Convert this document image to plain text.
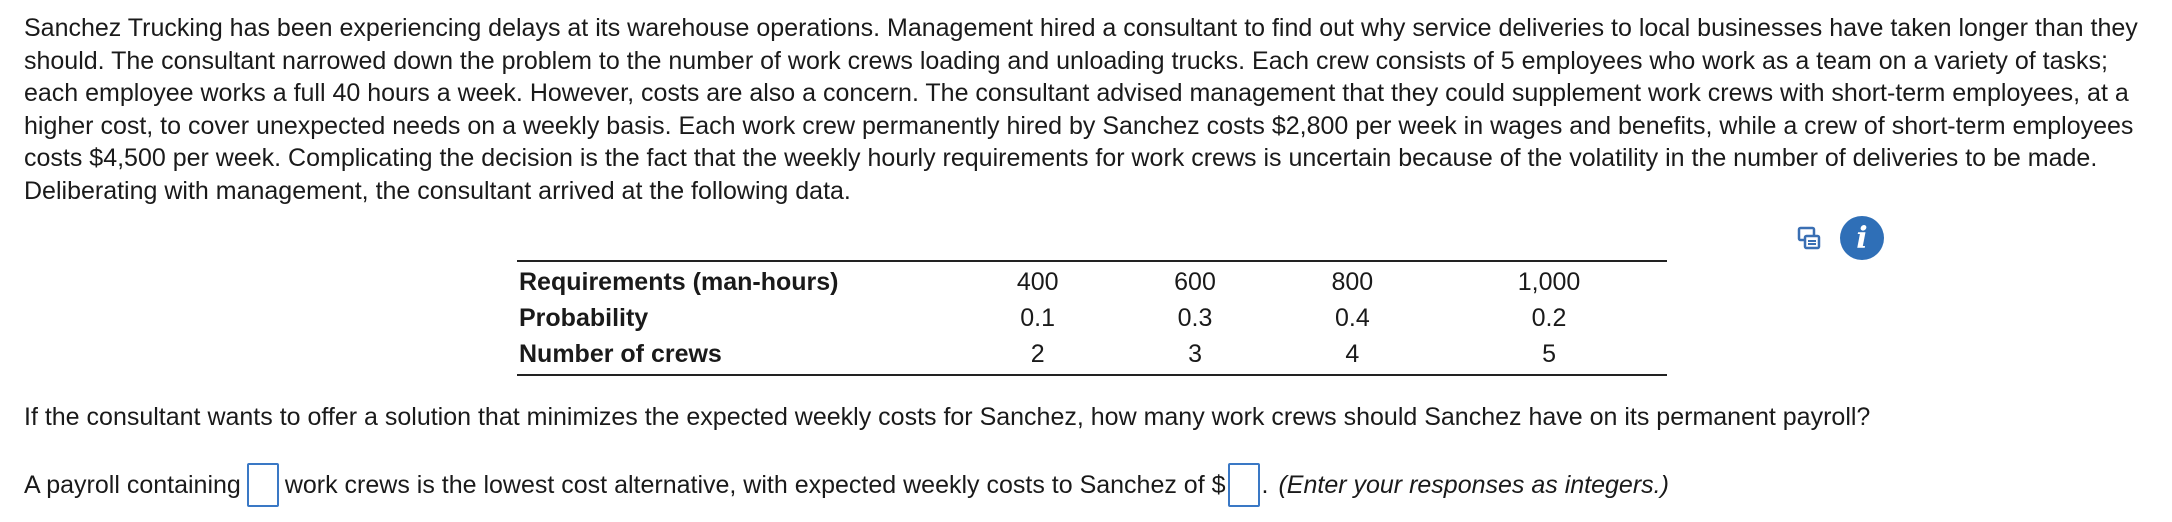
Sanchez Trucking has been experiencing delays at its warehouse operations. Management hired a consultant to find out why service deliveries to local businesses have taken longer than they should. The consultant narrowed down the problem to the number of work crews loading and unloading trucks. Each crew consists of 5 employees who work as a team on a variety of tasks; each employee works a full 40 hours a week. However, costs are also a concern. The consultant advised management that they could supplement work crews with short-term employees, at a higher cost, to cover unexpected needs on a weekly basis. Each work crew permanently hired by Sanchez costs $2,800 per week in wages and benefits, while a crew of short-term employees costs $4,500 per week. Complicating the decision is the fact that the weekly hourly requirements for work crews is uncertain because of the volatility in the number of deliveries to be made. Deliberating with management, the consultant arrived at the following data.

i
Requirements (man-hours)	400	600	800	1,000
Probability	0.1	0.3	0.4	0.2
Number of crews	2	3	4	5

If the consultant wants to offer a solution that minimizes the expected weekly costs for Sanchez, how many work crews should Sanchez have on its permanent payroll?

A payroll containing work crews is the lowest cost alternative, with expected weekly costs to Sanchez of $ . (Enter your responses as integers.)
